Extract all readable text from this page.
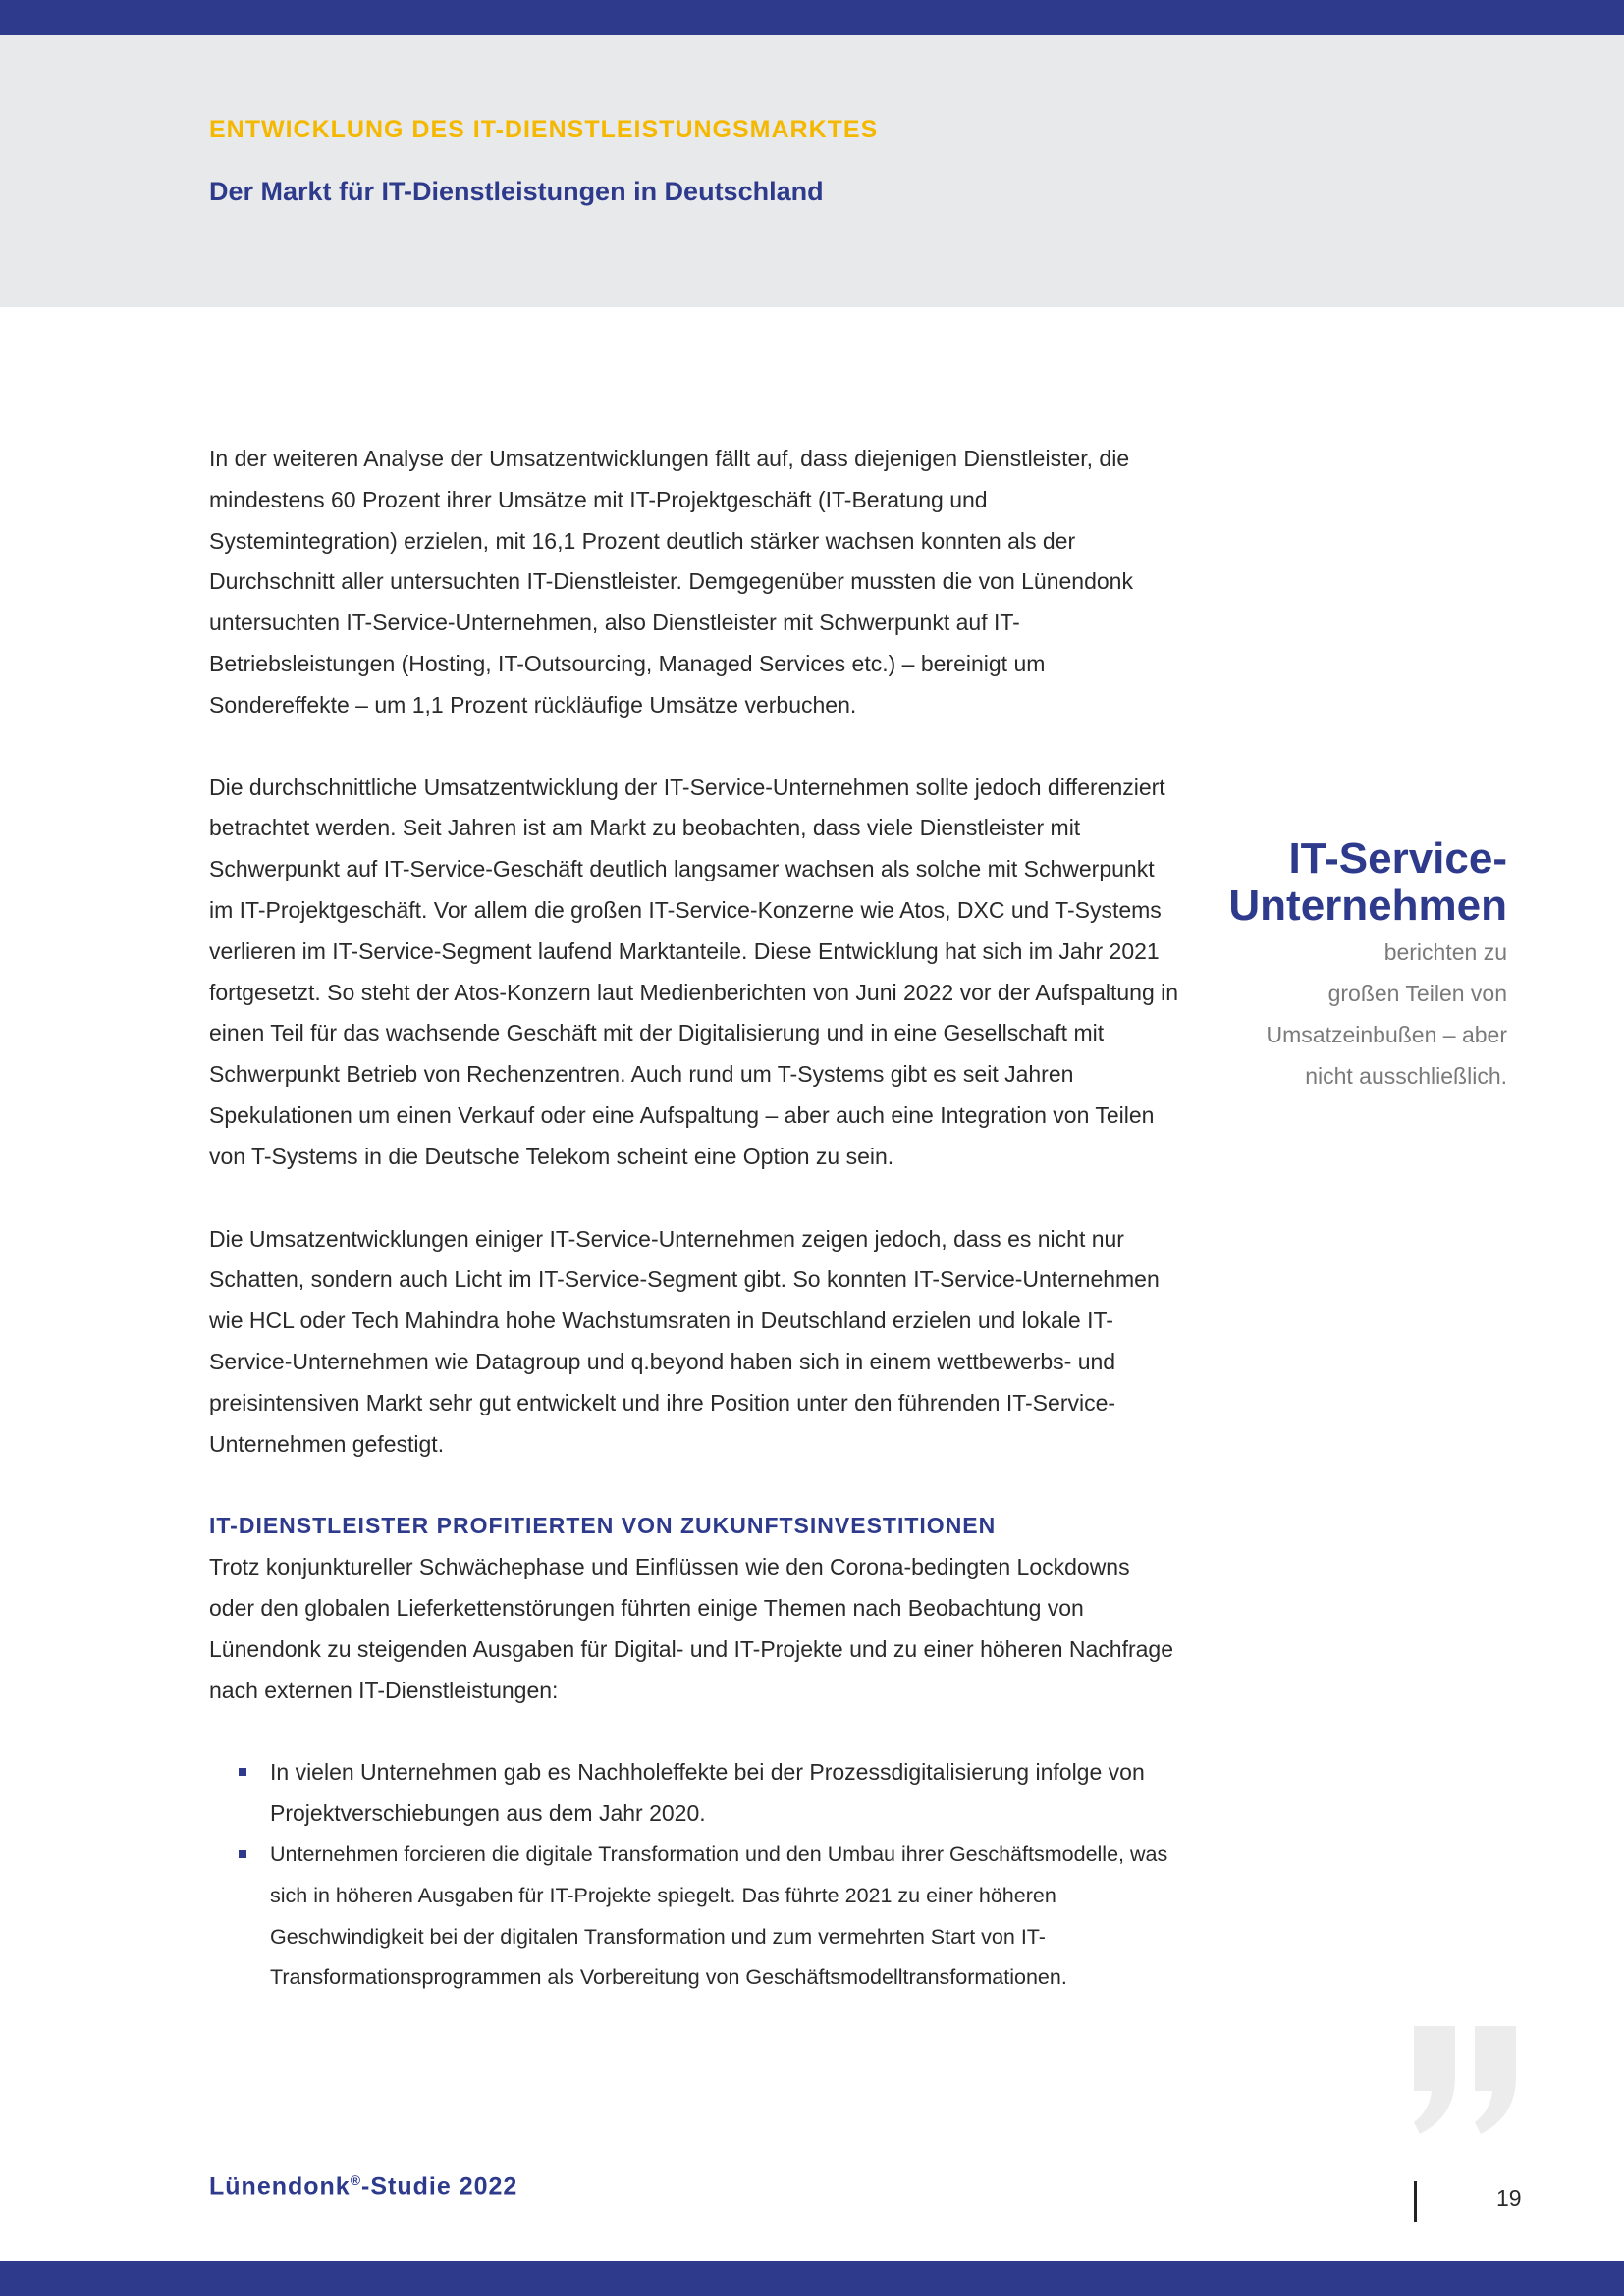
ENTWICKLUNG DES IT-DIENSTLEISTUNGSMARKTES
Der Markt für IT-Dienstleistungen in Deutschland

In der weiteren Analyse der Umsatzentwicklungen fällt auf, dass diejenigen Dienstleister, die mindestens 60 Prozent ihrer Umsätze mit IT-Projektgeschäft (IT-Beratung und Systemintegration) erzielen, mit 16,1 Prozent deutlich stärker wachsen konnten als der Durchschnitt aller untersuchten IT-Dienstleister. Demgegenüber mussten die von Lünendonk untersuchten IT-Service-Unternehmen, also Dienstleister mit Schwerpunkt auf IT-Betriebsleistungen (Hosting, IT-Outsourcing, Managed Services etc.) – bereinigt um Sondereffekte – um 1,1 Prozent rückläufige Umsätze verbuchen.

Die durchschnittliche Umsatzentwicklung der IT-Service-Unternehmen sollte jedoch differenziert betrachtet werden. Seit Jahren ist am Markt zu beobachten, dass viele Dienstleister mit Schwerpunkt auf IT-Service-Geschäft deutlich langsamer wachsen als solche mit Schwerpunkt im IT-Projektgeschäft. Vor allem die großen IT-Service-Konzerne wie Atos, DXC und T-Systems verlieren im IT-Service-Segment laufend Marktanteile. Diese Entwicklung hat sich im Jahr 2021 fortgesetzt. So steht der Atos-Konzern laut Medienberichten von Juni 2022 vor der Aufspaltung in einen Teil für das wachsende Geschäft mit der Digitalisierung und in eine Gesellschaft mit Schwerpunkt Betrieb von Rechenzentren. Auch rund um T-Systems gibt es seit Jahren Spekulationen um einen Verkauf oder eine Aufspaltung – aber auch eine Integration von Teilen von T-Systems in die Deutsche Telekom scheint eine Option zu sein.

Die Umsatzentwicklungen einiger IT-Service-Unternehmen zeigen jedoch, dass es nicht nur Schatten, sondern auch Licht im IT-Service-Segment gibt. So konnten IT-Service-Unternehmen wie HCL oder Tech Mahindra hohe Wachstumsraten in Deutschland erzielen und lokale IT-Service-Unternehmen wie Datagroup und q.beyond haben sich in einem wettbewerbs- und preisintensiven Markt sehr gut entwickelt und ihre Position unter den führenden IT-Service-Unternehmen gefestigt.

IT-DIENSTLEISTER PROFITIERTEN VON ZUKUNFTSINVESTITIONEN

Trotz konjunktureller Schwächephase und Einflüssen wie den Corona-bedingten Lockdowns oder den globalen Lieferkettenstörungen führten einige Themen nach Beobachtung von Lünendonk zu steigenden Ausgaben für Digital- und IT-Projekte und zu einer höheren Nachfrage nach externen IT-Dienstleistungen:

In vielen Unternehmen gab es Nachholeffekte bei der Prozessdigitalisierung infolge von Projektverschiebungen aus dem Jahr 2020.
Unternehmen forcieren die digitale Transformation und den Umbau ihrer Geschäftsmodelle, was sich in höheren Ausgaben für IT-Projekte spiegelt. Das führte 2021 zu einer höheren Geschwindigkeit bei der digitalen Transformation und zum vermehrten Start von IT-Transformationsprogrammen als Vorbereitung von Geschäftsmodelltransformationen.
IT-Service-
Unternehmen
berichten zu
großen Teilen von
Umsatzeinbußen – aber
nicht ausschließlich.
Lünendonk®-Studie 2022	19
